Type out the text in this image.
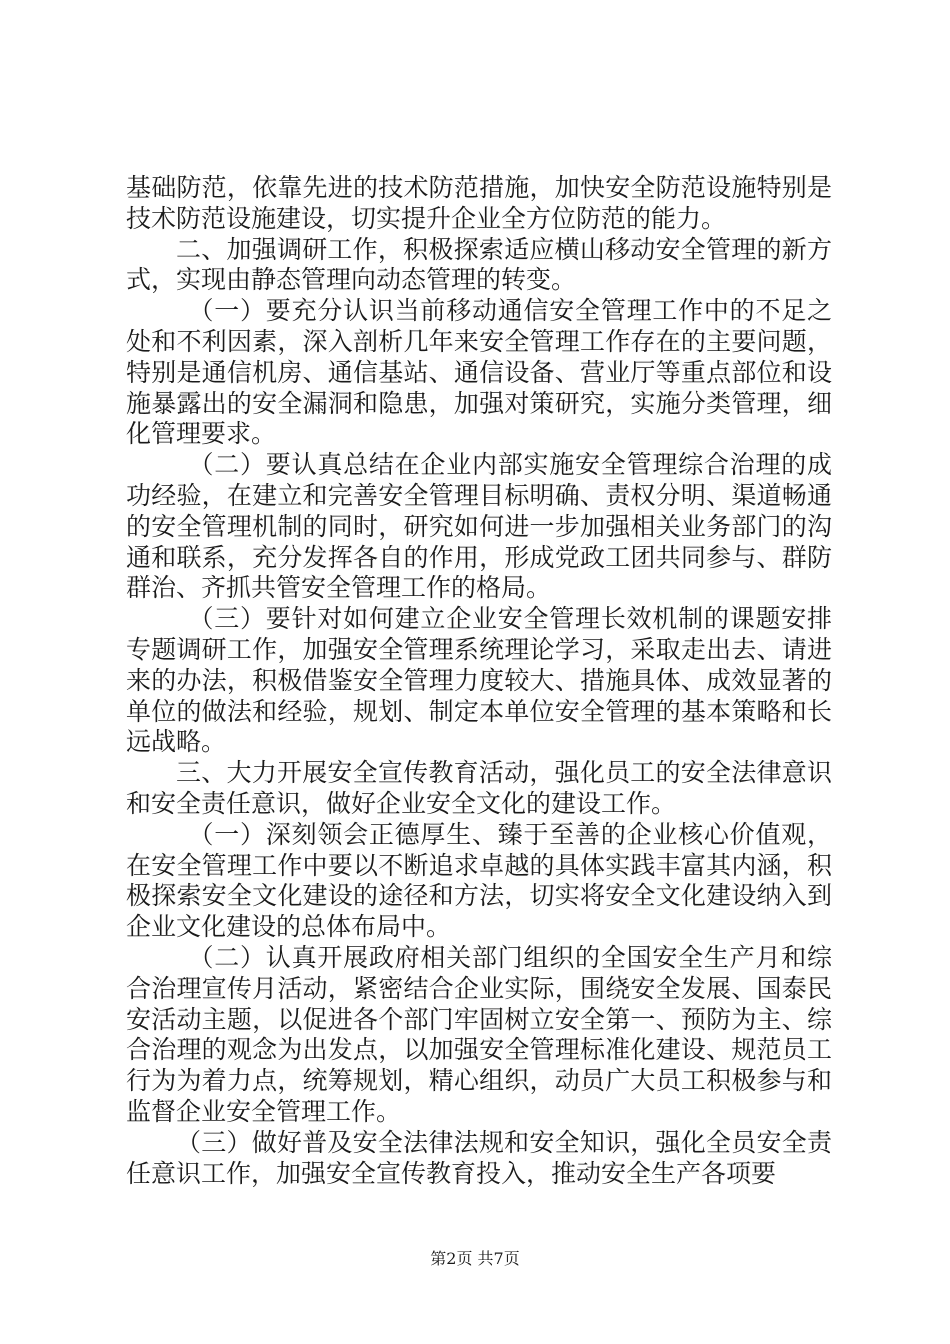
基础防范，依靠先进的技术防范措施，加快安全防范设施特别是技术防范设施建设，切实提升企业全方位防范的能力。

二、加强调研工作，积极探索适应横山移动安全管理的新方式，实现由静态管理向动态管理的转变。

（一）要充分认识当前移动通信安全管理工作中的不足之处和不利因素，深入剖析几年来安全管理工作存在的主要问题，特别是通信机房、通信基站、通信设备、营业厅等重点部位和设施暴露出的安全漏洞和隐患，加强对策研究，实施分类管理，细化管理要求。

（二）要认真总结在企业内部实施安全管理综合治理的成功经验，在建立和完善安全管理目标明确、责权分明、渠道畅通的安全管理机制的同时，研究如何进一步加强相关业务部门的沟通和联系，充分发挥各自的作用，形成党政工团共同参与、群防群治、齐抓共管安全管理工作的格局。

（三）要针对如何建立企业安全管理长效机制的课题安排专题调研工作，加强安全管理系统理论学习，采取走出去、请进来的办法，积极借鉴安全管理力度较大、措施具体、成效显著的单位的做法和经验，规划、制定本单位安全管理的基本策略和长远战略。

三、大力开展安全宣传教育活动，强化员工的安全法律意识和安全责任意识，做好企业安全文化的建设工作。

（一）深刻领会正德厚生、臻于至善的企业核心价值观，在安全管理工作中要以不断追求卓越的具体实践丰富其内涵，积极探索安全文化建设的途径和方法，切实将安全文化建设纳入到企业文化建设的总体布局中。

（二）认真开展政府相关部门组织的全国安全生产月和综合治理宣传月活动，紧密结合企业实际，围绕安全发展、国泰民安活动主题，以促进各个部门牢固树立安全第一、预防为主、综合治理的观念为出发点，以加强安全管理标准化建设、规范员工行为为着力点，统筹规划，精心组织，动员广大员工积极参与和监督企业安全管理工作。

（三）做好普及安全法律法规和安全知识，强化全员安全责任意识工作，加强安全宣传教育投入，推动安全生产各项要

第2页 共7页
